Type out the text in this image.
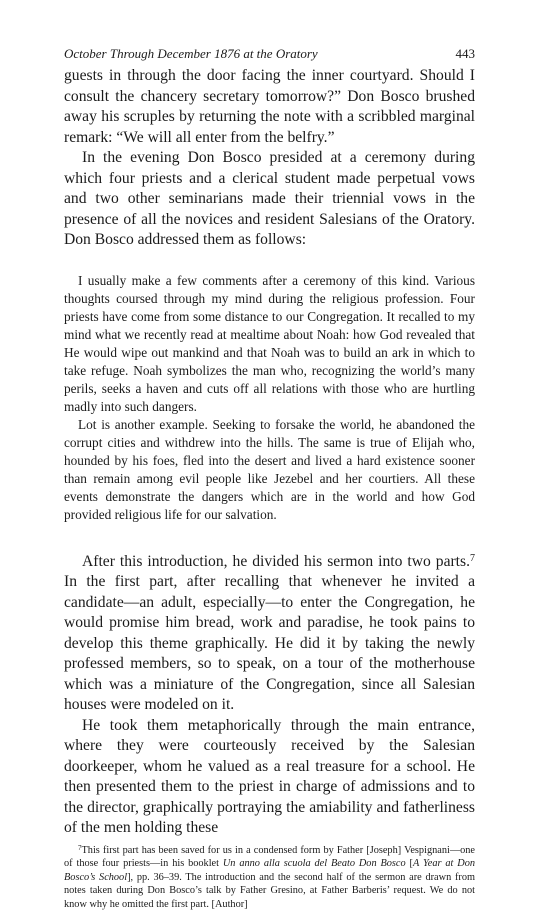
October Through December 1876 at the Oratory	443

guests in through the door facing the inner courtyard. Should I consult the chancery secretary tomorrow?” Don Bosco brushed away his scruples by returning the note with a scribbled marginal remark: “We will all enter from the belfry.”

In the evening Don Bosco presided at a ceremony during which four priests and a clerical student made perpetual vows and two other seminarians made their triennial vows in the presence of all the novices and resident Salesians of the Oratory. Don Bosco addressed them as follows:

I usually make a few comments after a ceremony of this kind. Various thoughts coursed through my mind during the religious profession. Four priests have come from some distance to our Congregation. It recalled to my mind what we recently read at mealtime about Noah: how God revealed that He would wipe out mankind and that Noah was to build an ark in which to take refuge. Noah symbolizes the man who, recognizing the world’s many perils, seeks a haven and cuts off all relations with those who are hurtling madly into such dangers.

Lot is another example. Seeking to forsake the world, he abandoned the corrupt cities and withdrew into the hills. The same is true of Elijah who, hounded by his foes, fled into the desert and lived a hard existence sooner than remain among evil people like Jezebel and her courtiers. All these events demonstrate the dangers which are in the world and how God provided religious life for our salvation.

After this introduction, he divided his sermon into two parts.$^7$ In the first part, after recalling that whenever he invited a candidate—an adult, especially—to enter the Congregation, he would promise him bread, work and paradise, he took pains to develop this theme graphically. He did it by taking the newly professed members, so to speak, on a tour of the motherhouse which was a miniature of the Congregation, since all Salesian houses were modeled on it.

He took them metaphorically through the main entrance, where they were courteously received by the Salesian doorkeeper, whom he valued as a real treasure for a school. He then presented them to the priest in charge of admissions and to the director, graphically portraying the amiability and fatherliness of the men holding these

$^7$This first part has been saved for us in a condensed form by Father [Joseph] Vespignani—one of those four priests—in his booklet Un anno alla scuola del Beato Don Bosco [A Year at Don Bosco’s School], pp. 36–39. The introduction and the second half of the sermon are drawn from notes taken during Don Bosco’s talk by Father Gresino, at Father Barberis’ request. We do not know why he omitted the first part. [Author]
